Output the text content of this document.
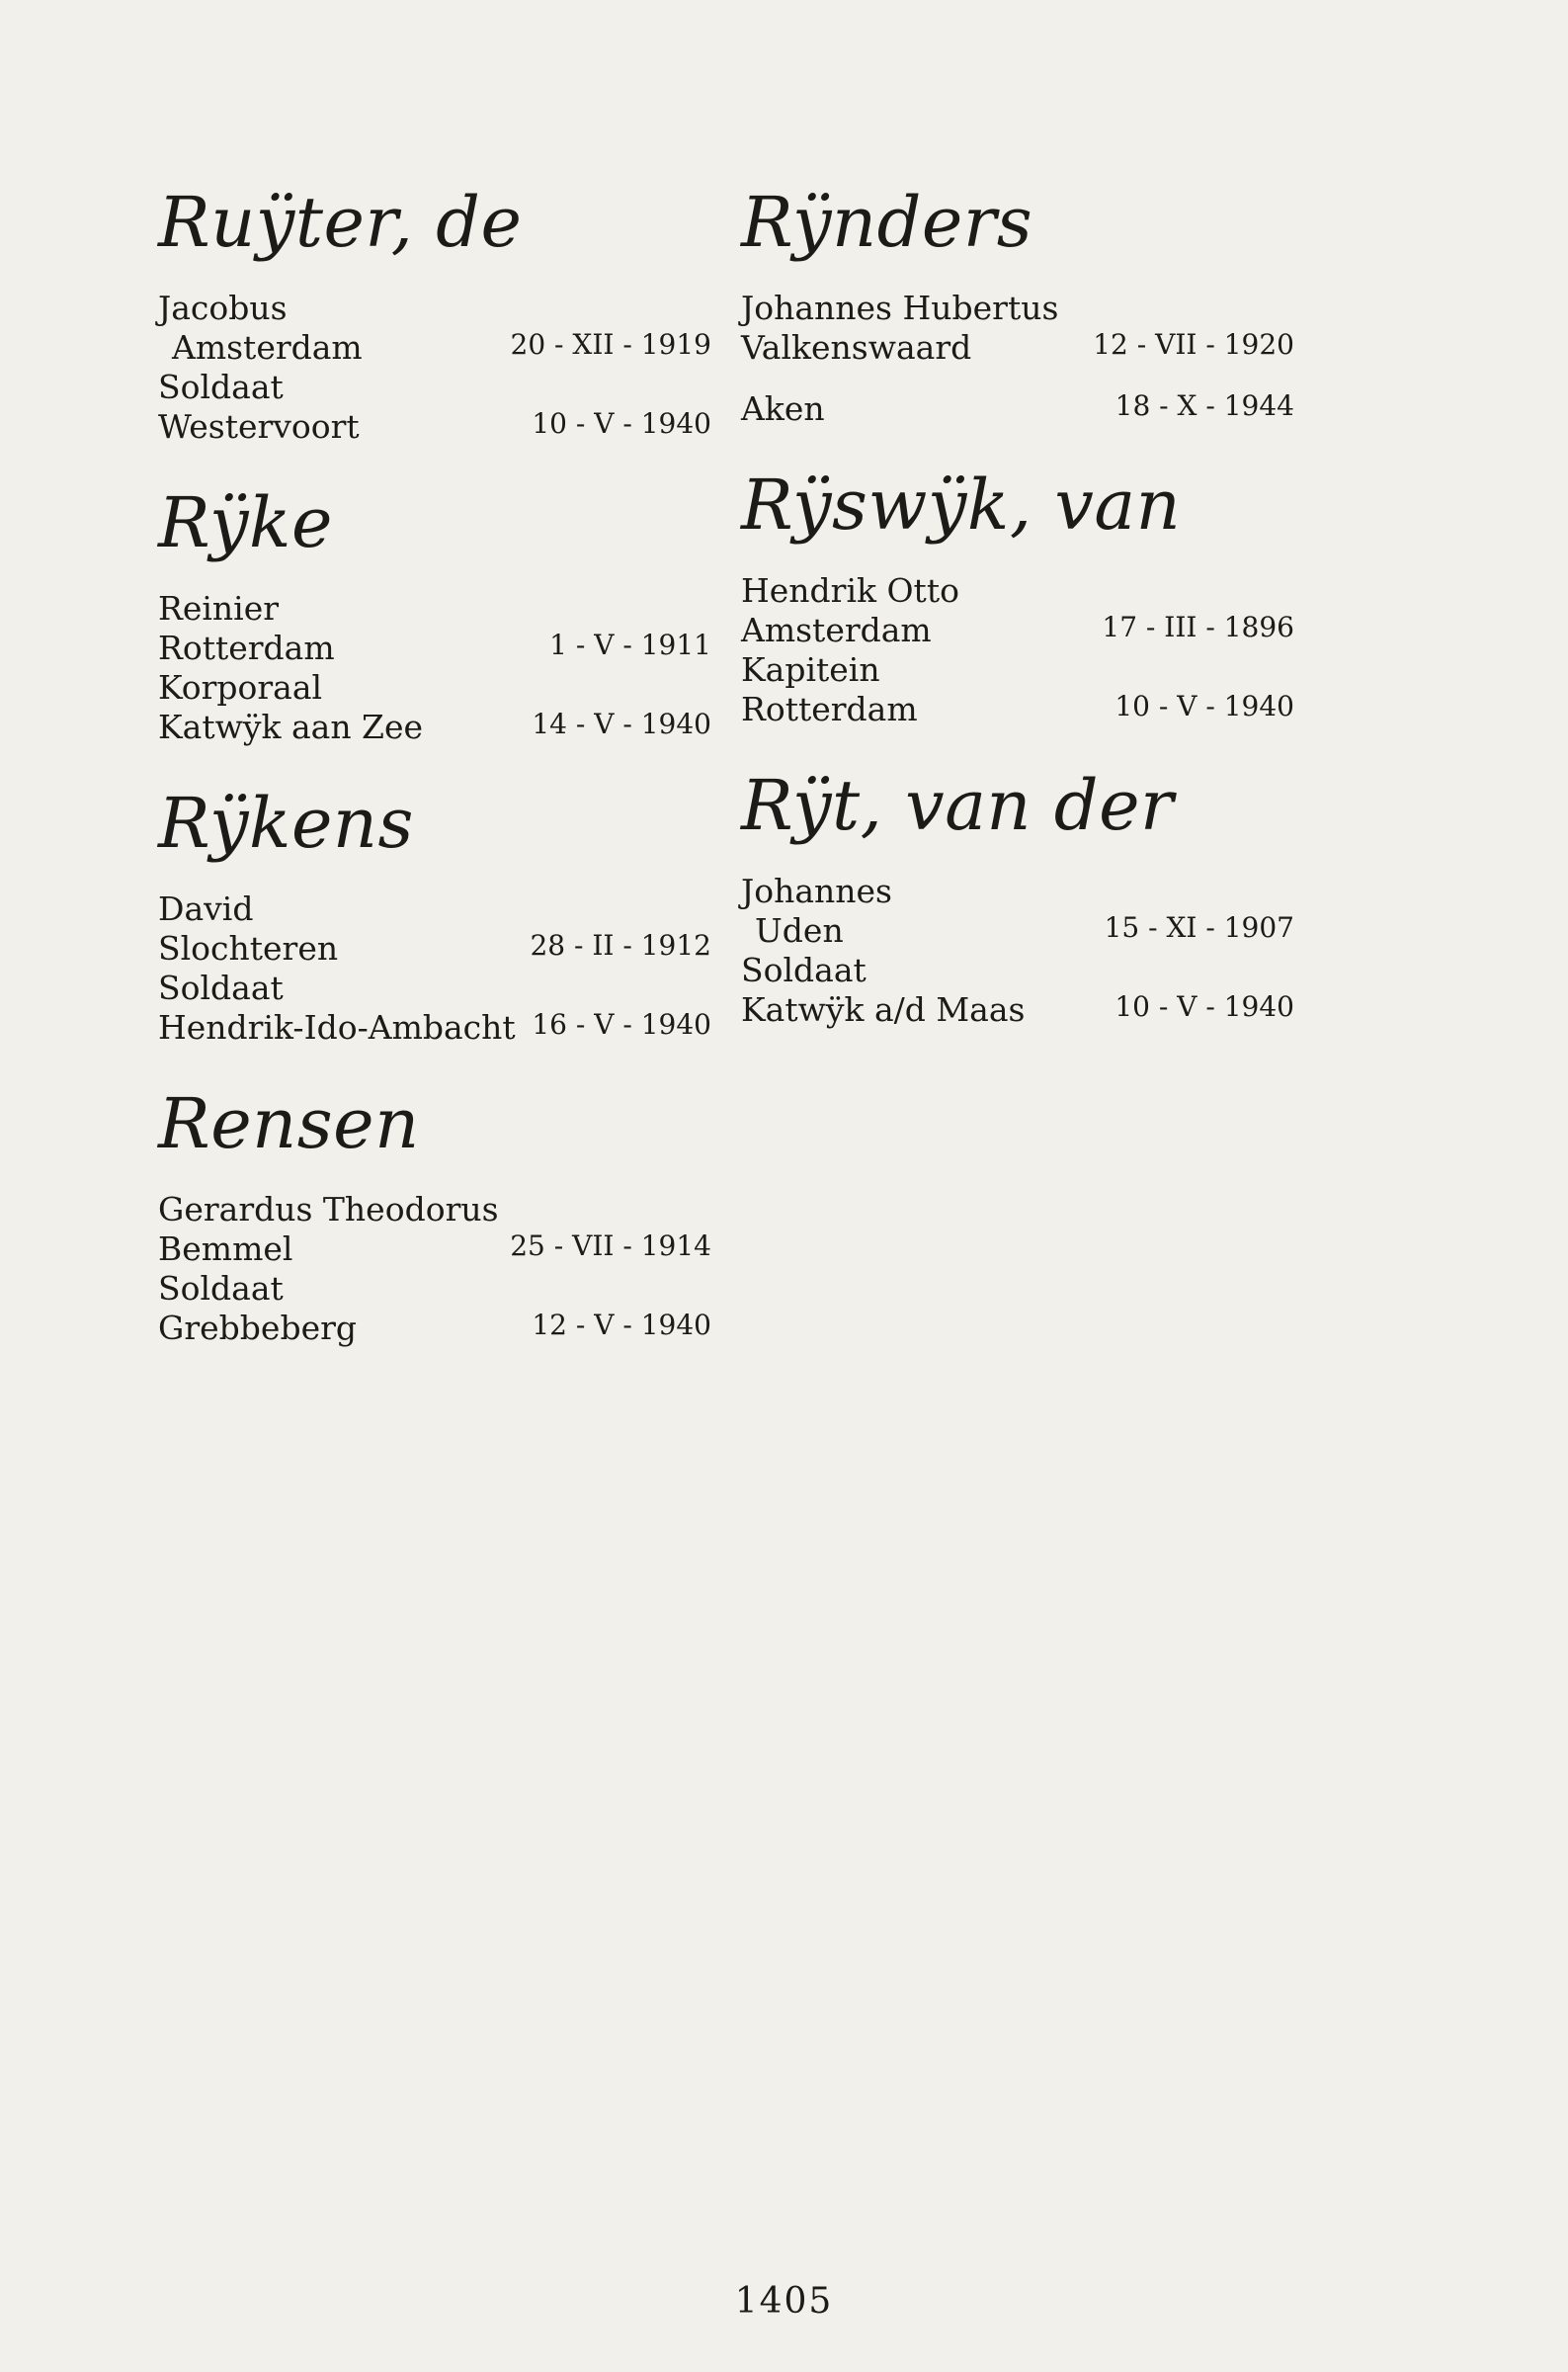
Ruÿter, de
Jacobus
Amsterdam	20 - XII - 1919
Soldaat
Westervoort	10 - V - 1940
Rÿke
Reinier
Rotterdam	1 - V - 1911
Korporaal
Katwÿk aan Zee	14 - V - 1940
Rÿkens
David
Slochteren	28 - II - 1912
Soldaat
Hendrik-Ido-Ambacht 16 - V - 1940
Rensen
Gerardus Theodorus
Bemmel	25 - VII - 1914
Soldaat
Grebbeberg	12 - V - 1940
Rÿnders
Johannes Hubertus
Valkenswaard	12 - VII - 1920
Aken	18 - X - 1944
Rÿswÿk, van
Hendrik Otto
Amsterdam	17 - III - 1896
Kapitein
Rotterdam	10 - V - 1940
Rÿt, van der
Johannes
Uden	15 - XI - 1907
Soldaat
Katwÿk a/d Maas	10 - V - 1940
1405
